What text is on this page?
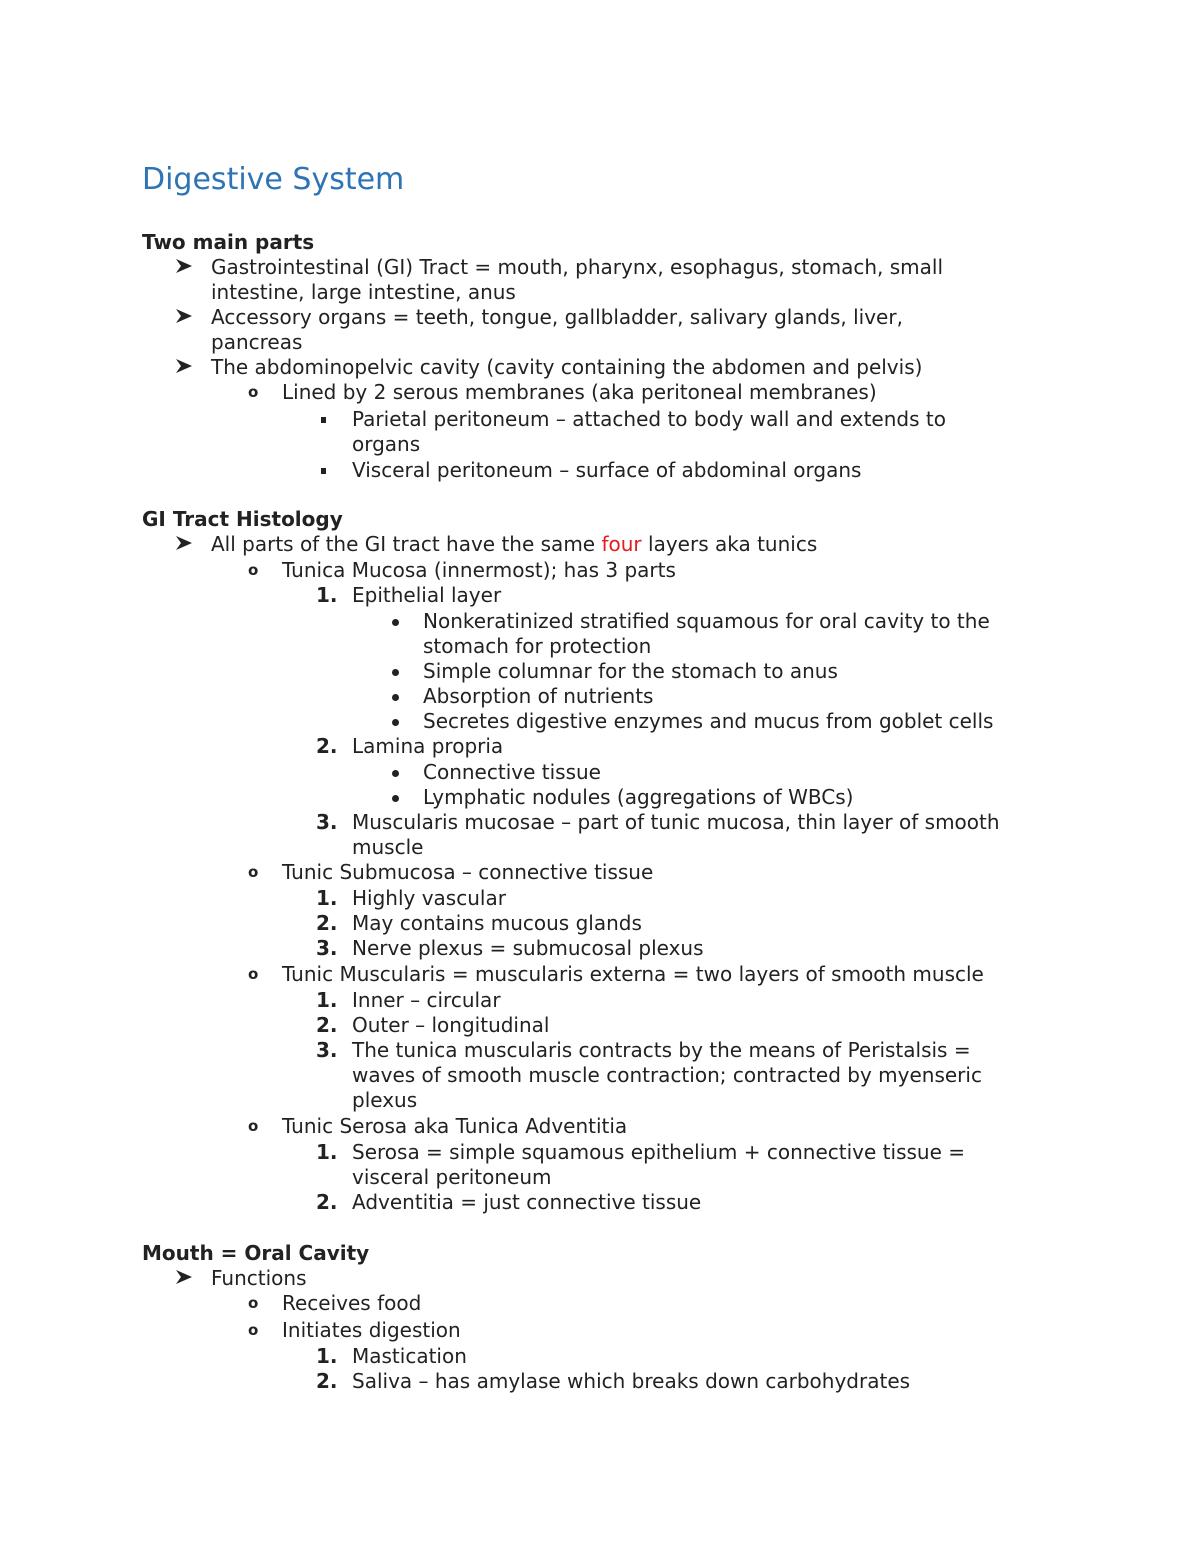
Digestive System

Two main parts

Gastrointestinal (GI) Tract = mouth, pharynx, esophagus, stomach, small

intestine, large intestine, anus

Accessory organs = teeth, tongue, gallbladder, salivary glands, liver,

pancreas

The abdominopelvic cavity (cavity containing the abdomen and pelvis)

o Lined by 2 serous membranes (aka peritoneal membranes)

Parietal peritoneum – attached to body wall and extends to

organs

Visceral peritoneum – surface of abdominal organs

GI Tract Histology

All parts of the GI tract have the same four layers aka tunics

o Tunica Mucosa (innermost); has 3 parts

1. Epithelial layer

Nonkeratinized stratified squamous for oral cavity to the

stomach for protection

Simple columnar for the stomach to anus

Absorption of nutrients

Secretes digestive enzymes and mucus from goblet cells

2. Lamina propria

Connective tissue

Lymphatic nodules (aggregations of WBCs)

3. Muscularis mucosae – part of tunic mucosa, thin layer of smooth

muscle

o Tunic Submucosa – connective tissue

1. Highly vascular

2. May contains mucous glands

3. Nerve plexus = submucosal plexus

o Tunic Muscularis = muscularis externa = two layers of smooth muscle

1. Inner – circular

2. Outer – longitudinal

3. The tunica muscularis contracts by the means of Peristalsis =

waves of smooth muscle contraction; contracted by myenseric

plexus

o Tunic Serosa aka Tunica Adventitia

1. Serosa = simple squamous epithelium + connective tissue =

visceral peritoneum

2. Adventitia = just connective tissue

Mouth = Oral Cavity

Functions

o Receives food

o Initiates digestion

1. Mastication

2. Saliva – has amylase which breaks down carbohydrates
